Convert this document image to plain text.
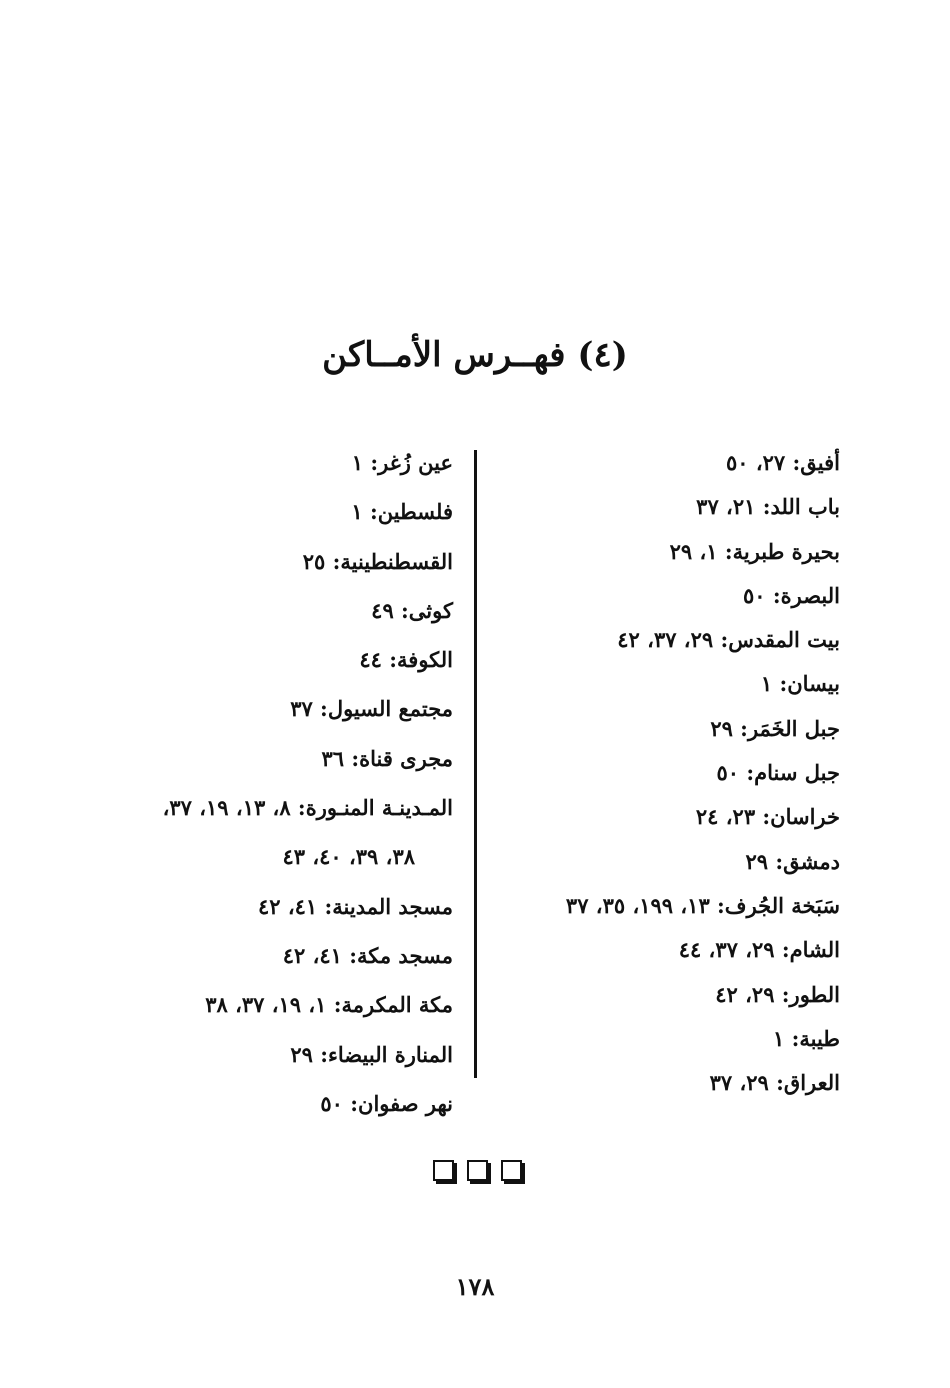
(٤) فهــرس الأمــاكن
أفيق: ٢٧، ٥٠
باب اللد: ٢١، ٣٧
بحيرة طبرية: ١، ٢٩
البصرة: ٥٠
بيت المقدس: ٢٩، ٣٧، ٤٢
بيسان: ١
جبل الخَمَر: ٢٩
جبل سنام: ٥٠
خراسان: ٢٣، ٢٤
دمشق: ٢٩
سَبَخة الجُرف: ١٣، ١٩٩، ٣٥، ٣٧
الشام: ٢٩، ٣٧، ٤٤
الطور: ٢٩، ٤٢
طيبة: ١
العراق: ٢٩، ٣٧
عين زُغر: ١
فلسطين: ١
القسطنطينية: ٢٥
كوثى: ٤٩
الكوفة: ٤٤
مجتمع السيول: ٣٧
مجرى قناة: ٣٦
المـدينـة المنـورة: ٨، ١٣، ١٩، ٣٧،
٣٨، ٣٩، ٤٠، ٤٣
مسجد المدينة: ٤١، ٤٢
مسجد مكة: ٤١، ٤٢
مكة المكرمة: ١، ١٩، ٣٧، ٣٨
المنارة البيضاء: ٢٩
نهر صفوان: ٥٠
١٧٨
